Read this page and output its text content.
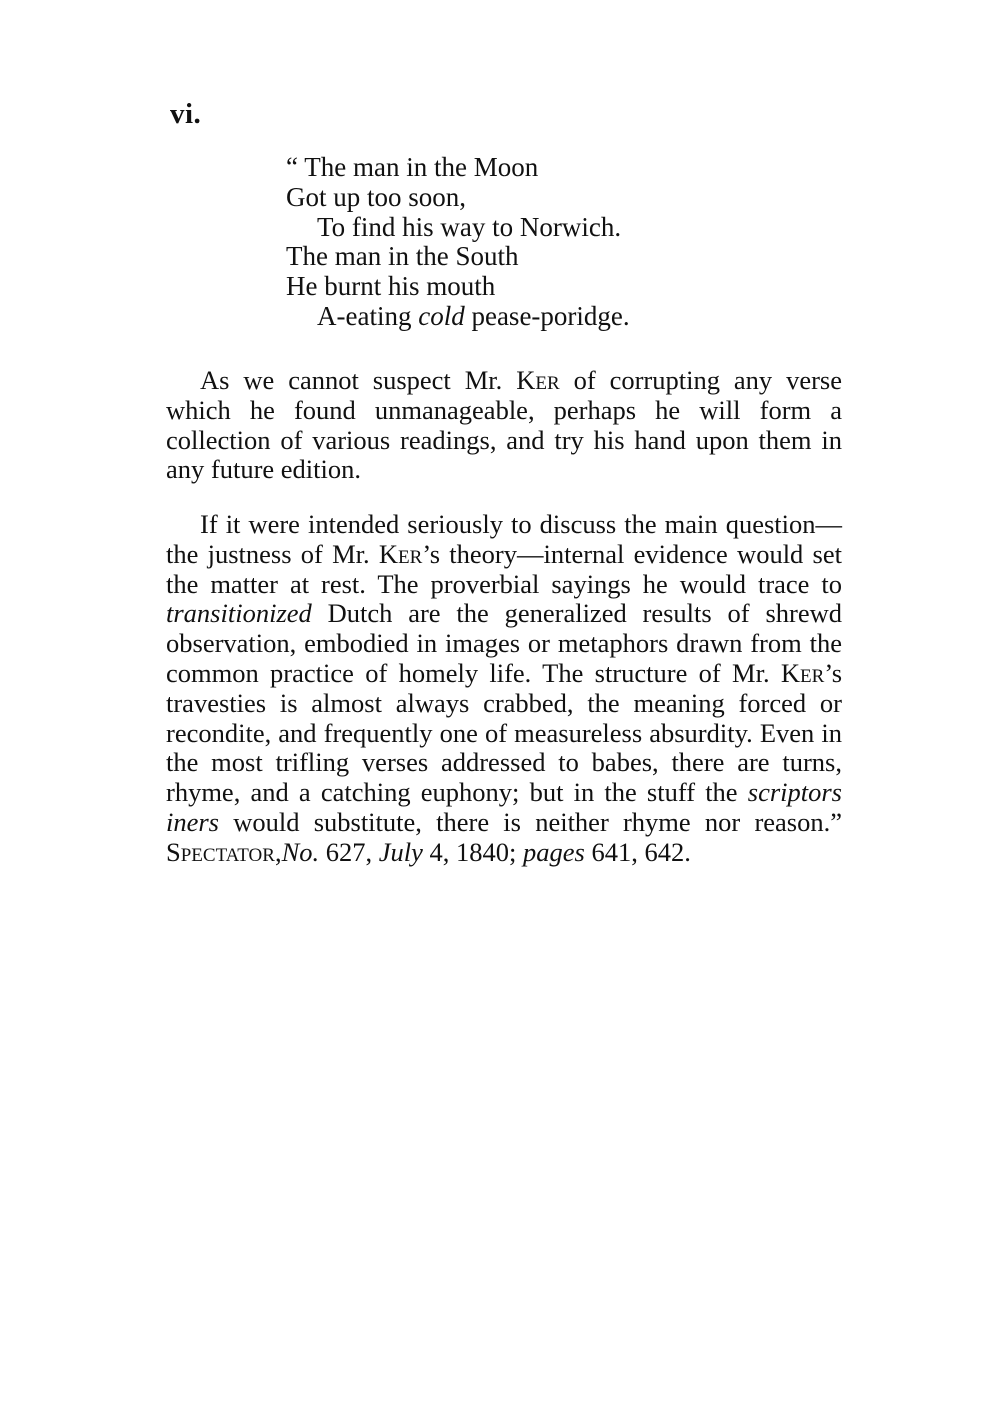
vi.
“ The man in the Moon
Got up too soon,
To find his way to Norwich.
The man in the South
He burnt his mouth
A-eating cold pease-poridge.
As we cannot suspect Mr. Ker of corrupting any verse which he found unmanageable, perhaps he will form a collection of various readings, and try his hand upon them in any future edition.
If it were intended seriously to discuss the main question—the justness of Mr. Ker’s theory—internal evidence would set the matter at rest. The proverbial sayings he would trace to transitionized Dutch are the generalized results of shrewd observation, embodied in images or metaphors drawn from the common practice of homely life. The structure of Mr. Ker’s travesties is almost always crabbed, the meaning forced or recondite, and frequently one of measureless absurdity. Even in the most trifling verses addressed to babes, there are turns, rhyme, and a catching euphony; but in the stuff the scriptors iners would substitute, there is neither rhyme nor reason.” Spectator,No. 627, July 4, 1840; pages 641, 642.
